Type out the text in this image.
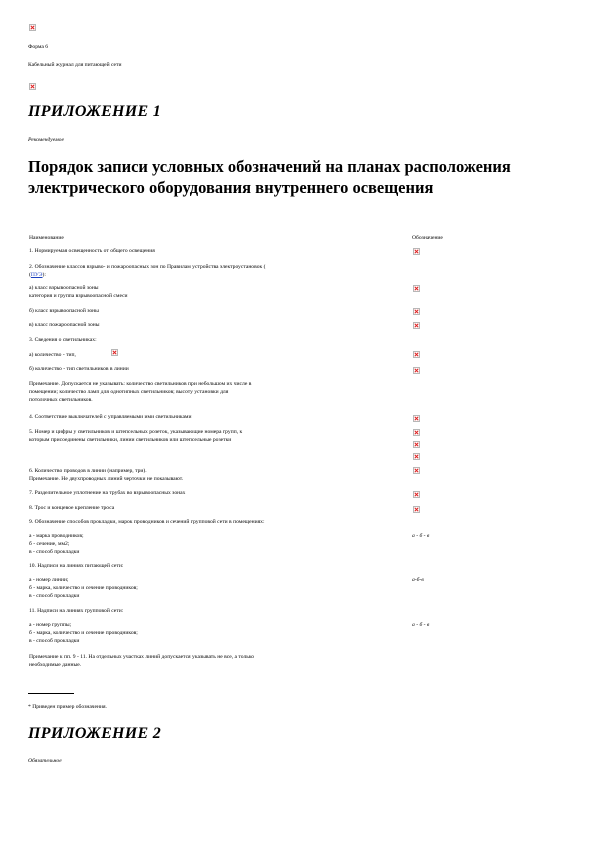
Форма 6
Кабельный журнал для питающей сети
ПРИЛОЖЕНИЕ 1
Рекомендуемое
Порядок записи условных обозначений на планах расположения электрического оборудования внутреннего освещения
Наименование	Обозначение
1. Нормируемая освещенность от общего освещения
2. Обозначение классов взрыво- и пожароопасных зон по Правилам устройства электроустановок (
(ПУЭ):
а) класс взрывоопасной зоны
категория и группа взрывоопасной смеси
б) класс взрывоопасной зоны
в) класс пожароопасной зоны
3. Сведения о светильниках:
а) количество - тип,
б) количество - тип светильников в линии
Примечание. Допускается не указывать: количество светильников при небольшом их числе в
помещении; количество ламп для однотипных светильников; высоту установки для
потолочных светильников.
4. Соответствие выключателей с управляемыми ими светильниками
5. Номер и цифры у светильников и штепсельных розеток, указывающие номера групп, к
которым присоединены светильники, линии светильников или штепсельные розетки
6. Количество проводов в линии (например, три).
Примечание. Не двухпроводных линий черточки не показывают.
7. Разделительное уплотнение на трубах во взрывоопасных зонах
8. Трос и концевое крепление троса
9. Обозначение способов прокладки, марок проводников и сечений групповой сети в помещениях:
а - марка проводников;
б - сечение, мм2;
в - способ прокладки
а - б - в
10. Надписи на линиях питающей сети:
а - номер линии;
б - марка, количество и сечение проводников;
в - способ прокладки
а-б-в
11. Надписи на линиях групповой сети:
а - номер группы;
б - марка, количество и сечение проводников;
в - способ прокладки
а - б - в
Примечание к пп. 9 - 11. На отдельных участках линий допускается указывать не все, а только
необходимые данные.
* Приведен пример обозначения.
ПРИЛОЖЕНИЕ 2
Обязательное
